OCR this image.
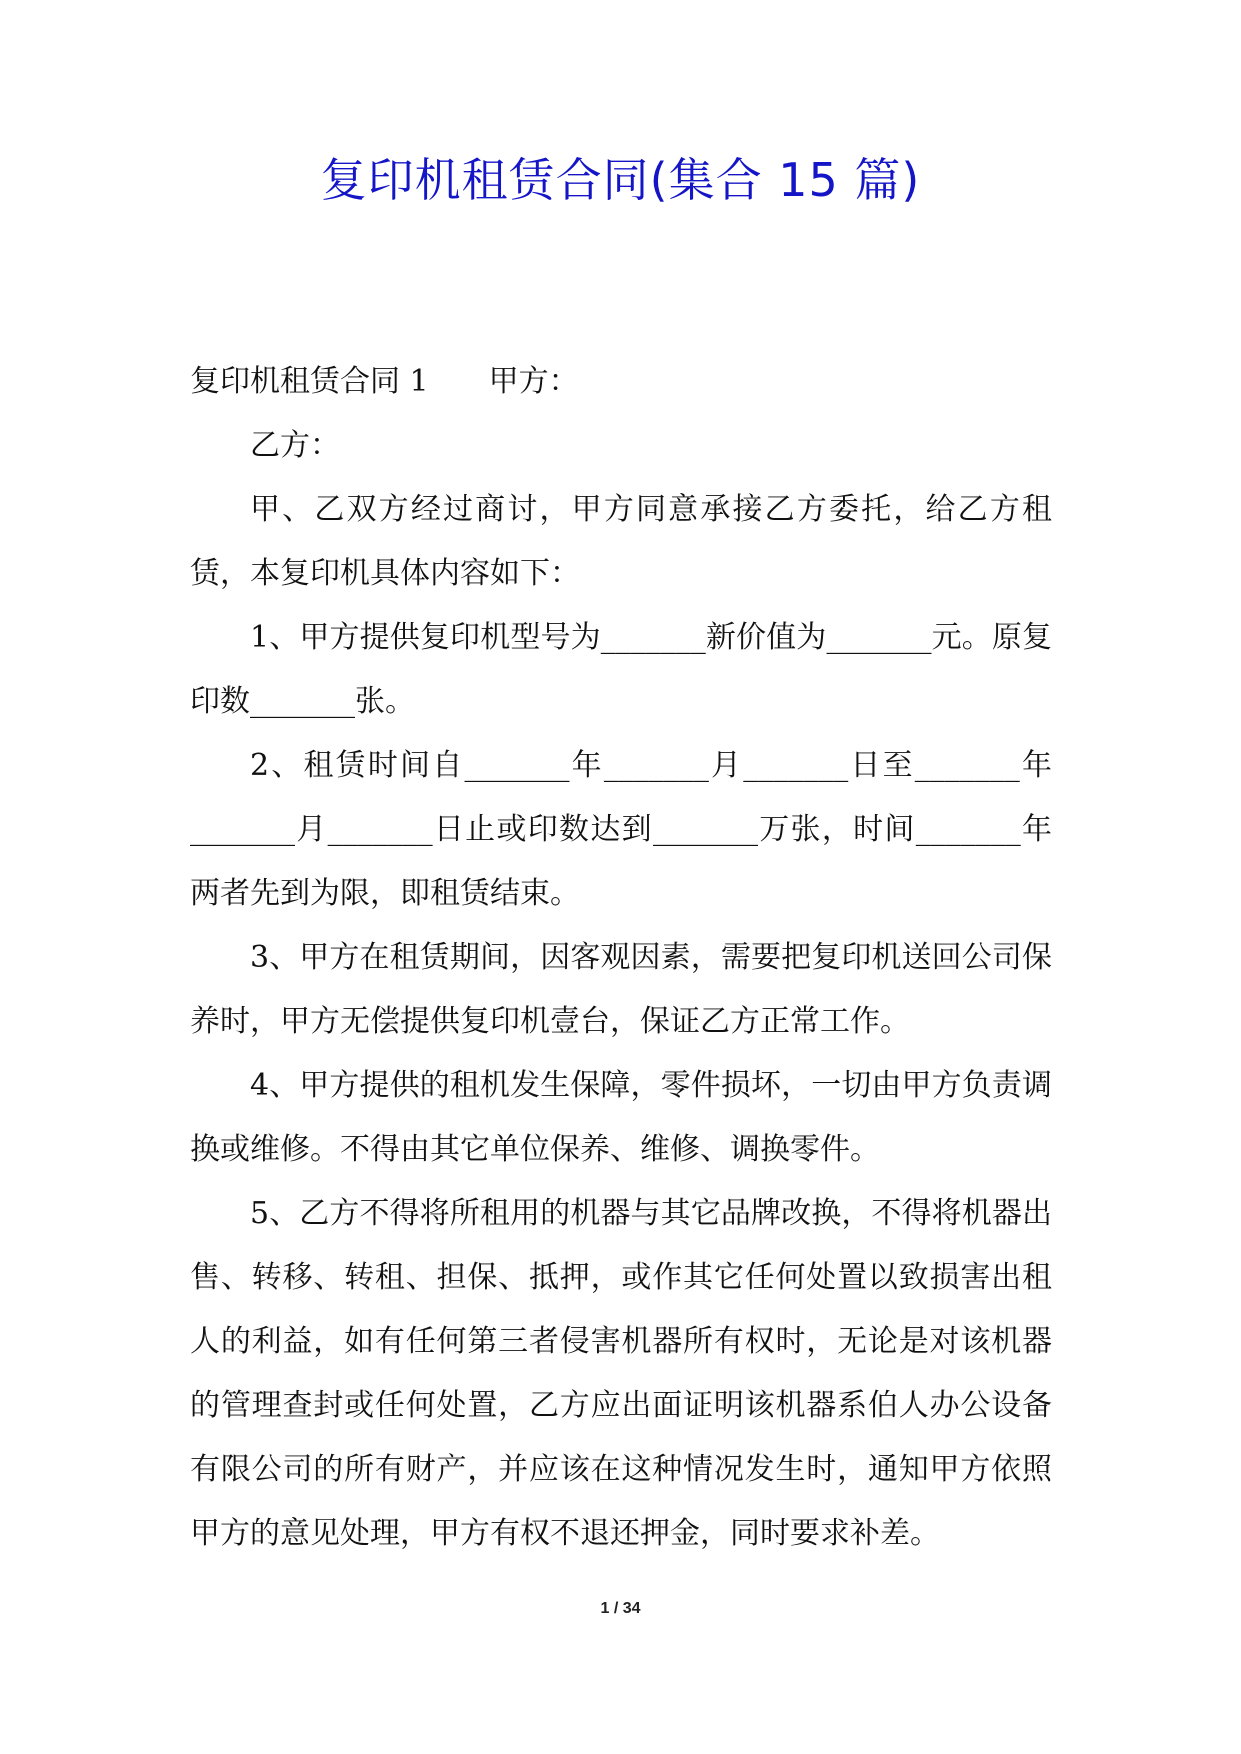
复印机租赁合同(集合 15 篇)

复印机租赁合同 1 甲方：

乙方：

甲、乙双方经过商讨，甲方同意承接乙方委托，给乙方租赁，本复印机具体内容如下：

1、甲方提供复印机型号为_______新价值为_______元。原复印数_______张。

2、租赁时间自_______年_______月_______日至_______年_______月_______日止或印数达到_______万张，时间_______年两者先到为限，即租赁结束。

3、甲方在租赁期间，因客观因素，需要把复印机送回公司保养时，甲方无偿提供复印机壹台，保证乙方正常工作。

4、甲方提供的租机发生保障，零件损坏，一切由甲方负责调换或维修。不得由其它单位保养、维修、调换零件。

5、乙方不得将所租用的机器与其它品牌改换，不得将机器出售、转移、转租、担保、抵押，或作其它任何处置以致损害出租人的利益，如有任何第三者侵害机器所有权时，无论是对该机器的管理查封或任何处置，乙方应出面证明该机器系伯人办公设备有限公司的所有财产，并应该在这种情况发生时，通知甲方依照甲方的意见处理，甲方有权不退还押金，同时要求补差。

1 / 34
